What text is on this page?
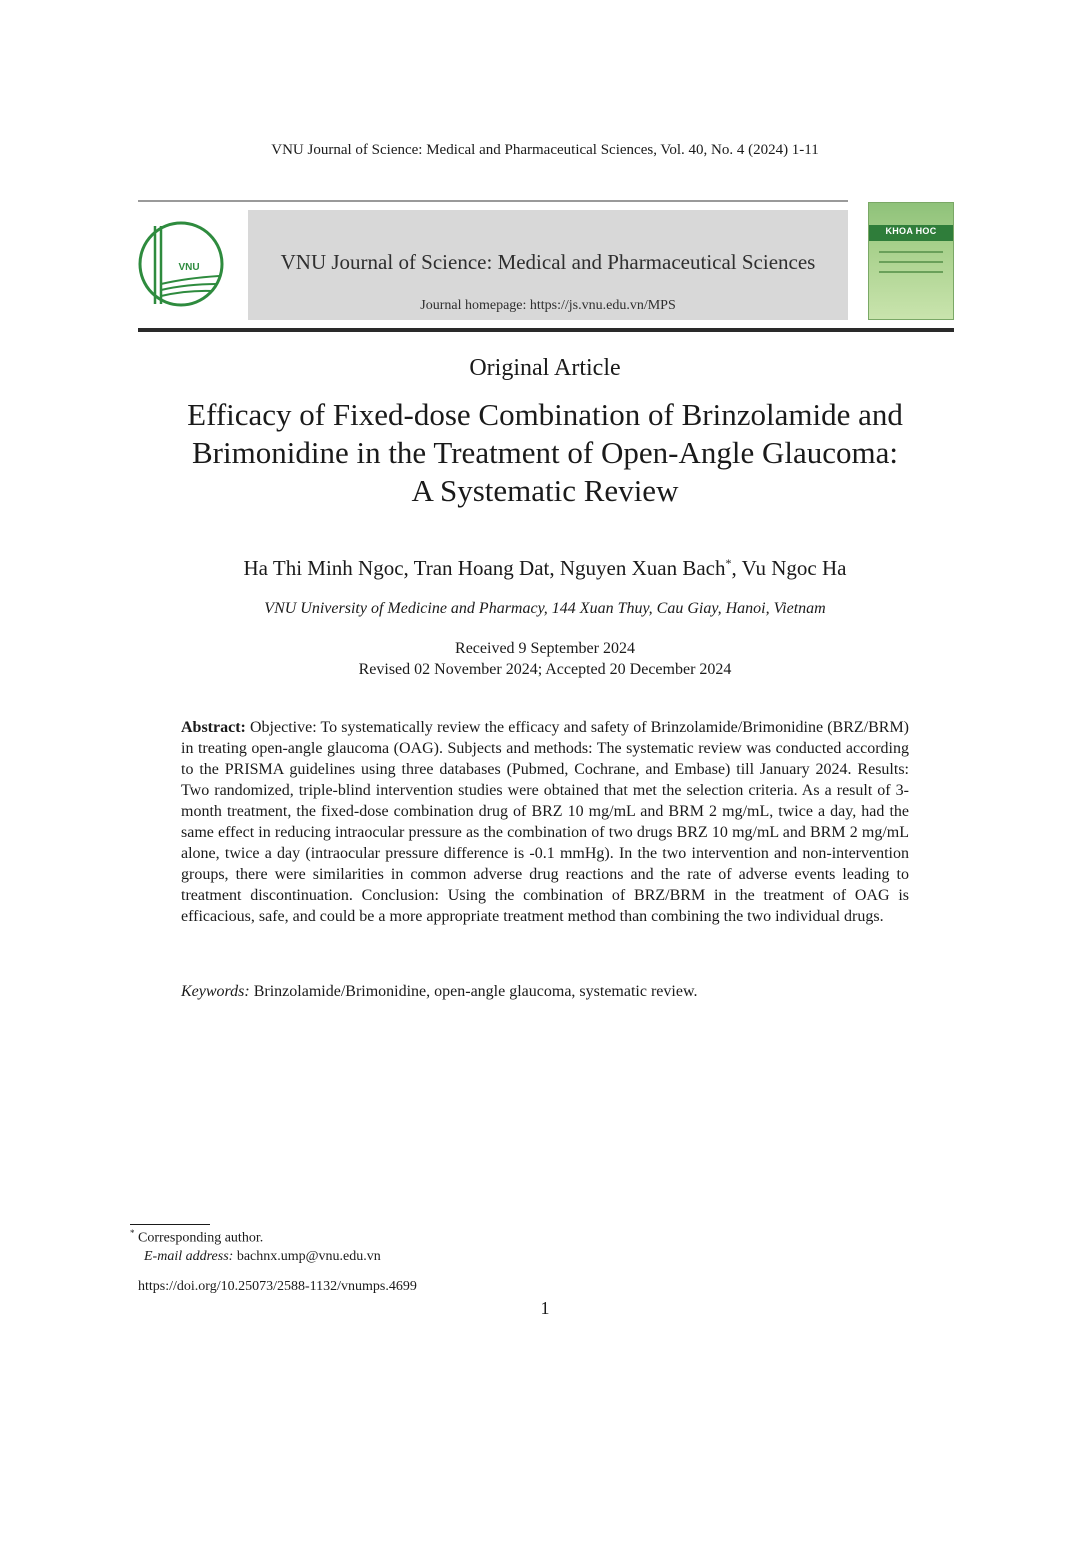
VNU Journal of Science: Medical and Pharmaceutical Sciences, Vol. 40, No. 4 (2024) 1-11
VNU	VNU Journal of Science: Medical and Pharmaceutical Sciences
Journal homepage: https://js.vnu.edu.vn/MPS
KHOA HOC
Original Article
Efficacy of Fixed-dose Combination of Brinzolamide and
Brimonidine in the Treatment of Open-Angle Glaucoma:
A Systematic Review
Ha Thi Minh Ngoc, Tran Hoang Dat, Nguyen Xuan Bach*, Vu Ngoc Ha
VNU University of Medicine and Pharmacy, 144 Xuan Thuy, Cau Giay, Hanoi, Vietnam
Received 9 September 2024
Revised 02 November 2024; Accepted 20 December 2024
Abstract: Objective: To systematically review the efficacy and safety of Brinzolamide/Brimonidine (BRZ/BRM) in treating open-angle glaucoma (OAG). Subjects and methods: The systematic review was conducted according to the PRISMA guidelines using three databases (Pubmed, Cochrane, and Embase) till January 2024. Results: Two randomized, triple-blind intervention studies were obtained that met the selection criteria. As a result of 3-month treatment, the fixed-dose combination drug of BRZ 10 mg/mL and BRM 2 mg/mL, twice a day, had the same effect in reducing intraocular pressure as the combination of two drugs BRZ 10 mg/mL and BRM 2 mg/mL alone, twice a day (intraocular pressure difference is -0.1 mmHg). In the two intervention and non-intervention groups, there were similarities in common adverse drug reactions and the rate of adverse events leading to treatment discontinuation. Conclusion: Using the combination of BRZ/BRM in the treatment of OAG is efficacious, safe, and could be a more appropriate treatment method than combining the two individual drugs.
Keywords: Brinzolamide/Brimonidine, open-angle glaucoma, systematic review.
* Corresponding author.
E-mail address: bachnx.ump@vnu.edu.vn
https://doi.org/10.25073/2588-1132/vnumps.4699
1
